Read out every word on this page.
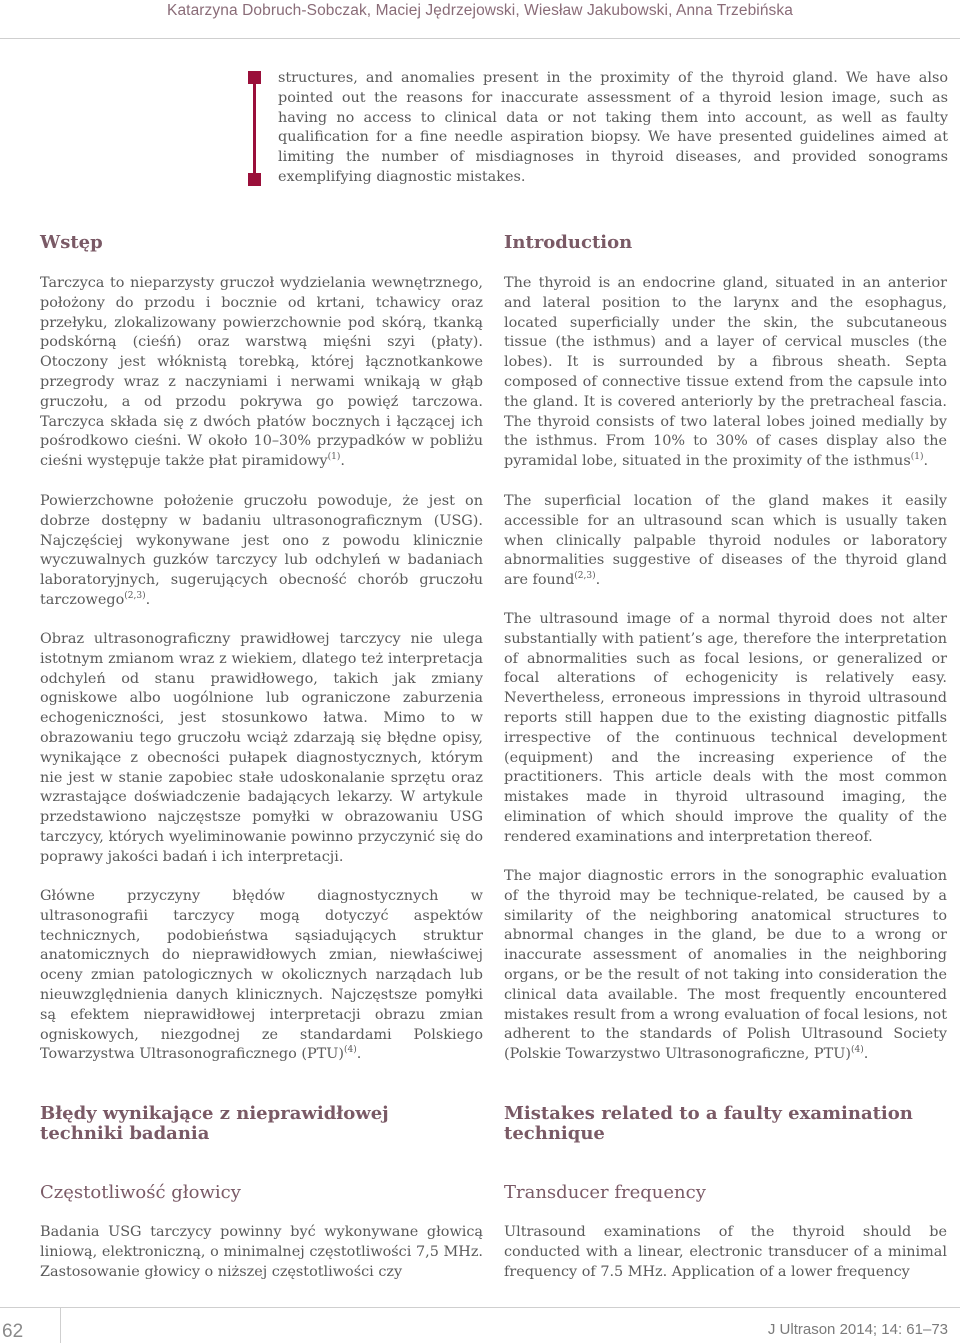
Katarzyna Dobruch-Sobczak, Maciej Jędrzejowski, Wiesław Jakubowski, Anna Trzebińska

structures, and anomalies present in the proximity of the thyroid gland. We have also pointed out the reasons for inaccurate assessment of a thyroid lesion image, such as having no access to clinical data or not taking them into account, as well as faulty qualification for a fine needle aspiration biopsy. We have presented guidelines aimed at limiting the number of misdiagnoses in thyroid diseases, and provided sonograms exemplifying diagnostic mistakes.

Wstęp

Tarczyca to nieparzysty gruczoł wydzielania wewnętrznego, położony do przodu i bocznie od krtani, tchawicy oraz przełyku, zlokalizowany powierzchownie pod skórą, tkanką podskórną (cieśń) oraz warstwą mięśni szyi (płaty). Otoczony jest włóknistą torebką, której łącznotkankowe przegrody wraz z naczyniami i nerwami wnikają w głąb gruczołu, a od przodu pokrywa go powięź tarczowa. Tarczyca składa się z dwóch płatów bocznych i łączącej ich pośrodkowo cieśni. W około 10–30% przypadków w pobliżu cieśni występuje także płat piramidowy$^{(1)}$.

Powierzchowne położenie gruczołu powoduje, że jest on dobrze dostępny w badaniu ultrasonograficznym (USG). Najczęściej wykonywane jest ono z powodu klinicznie wyczuwalnych guzków tarczycy lub odchyleń w badaniach laboratoryjnych, sugerujących obecność chorób gruczołu tarczowego$^{(2,3)}$.

Obraz ultrasonograficzny prawidłowej tarczycy nie ulega istotnym zmianom wraz z wiekiem, dlatego też interpretacja odchyleń od stanu prawidłowego, takich jak zmiany ogniskowe albo uogólnione lub ograniczone zaburzenia echogeniczności, jest stosunkowo łatwa. Mimo to w obrazowaniu tego gruczołu wciąż zdarzają się błędne opisy, wynikające z obecności pułapek diagnostycznych, którym nie jest w stanie zapobiec stałe udoskonalanie sprzętu oraz wzrastające doświadczenie badających lekarzy. W artykule przedstawiono najczęstsze pomyłki w obrazowaniu USG tarczycy, których wyeliminowanie powinno przyczynić się do poprawy jakości badań i ich interpretacji.

Główne przyczyny błędów diagnostycznych w ultrasonografii tarczycy mogą dotyczyć aspektów technicznych, podobieństwa sąsiadujących struktur anatomicznych do nieprawidłowych zmian, niewłaściwej oceny zmian patologicznych w okolicznych narządach lub nieuwzględnienia danych klinicznych. Najczęstsze pomyłki są efektem nieprawidłowej interpretacji obrazu zmian ogniskowych, niezgodnej ze standardami Polskiego Towarzystwa Ultrasonograficznego (PTU)$^{(4)}$.

Błędy wynikające z nieprawidłowej techniki badania
Częstotliwość głowicy

Badania USG tarczycy powinny być wykonywane głowicą liniową, elektroniczną, o minimalnej częstotliwości 7,5 MHz. Zastosowanie głowicy o niższej częstotliwości czy

Introduction

The thyroid is an endocrine gland, situated in an anterior and lateral position to the larynx and the esophagus, located superficially under the skin, the subcutaneous tissue (the isthmus) and a layer of cervical muscles (the lobes). It is surrounded by a fibrous sheath. Septa composed of connective tissue extend from the capsule into the gland. It is covered anteriorly by the pretracheal fascia. The thyroid consists of two lateral lobes joined medially by the isthmus. From 10% to 30% of cases display also the pyramidal lobe, situated in the proximity of the isthmus$^{(1)}$.

The superficial location of the gland makes it easily accessible for an ultrasound scan which is usually taken when clinically palpable thyroid nodules or laboratory abnormalities suggestive of diseases of the thyroid gland are found$^{(2,3)}$.

The ultrasound image of a normal thyroid does not alter substantially with patient’s age, therefore the interpretation of abnormalities such as focal lesions, or generalized or focal alterations of echogenicity is relatively easy. Nevertheless, erroneous impressions in thyroid ultrasound reports still happen due to the existing diagnostic pitfalls irrespective of the continuous technical development (equipment) and the increasing experience of the practitioners. This article deals with the most common mistakes made in thyroid ultrasound imaging, the elimination of which should improve the quality of the rendered examinations and interpretation thereof.

The major diagnostic errors in the sonographic evaluation of the thyroid may be technique-related, be caused by a similarity of the neighboring anatomical structures to abnormal changes in the gland, be due to a wrong or inaccurate assessment of anomalies in the neighboring organs, or be the result of not taking into consideration the clinical data available. The most frequently encountered mistakes result from a wrong evaluation of focal lesions, not adherent to the standards of Polish Ultrasound Society (Polskie Towarzystwo Ultrasonograficzne, PTU)$^{(4)}$.

Mistakes related to a faulty examination technique
Transducer frequency

Ultrasound examinations of the thyroid should be conducted with a linear, electronic transducer of a minimal frequency of 7.5 MHz. Application of a lower frequency

62	J Ultrason 2014; 14: 61–73
